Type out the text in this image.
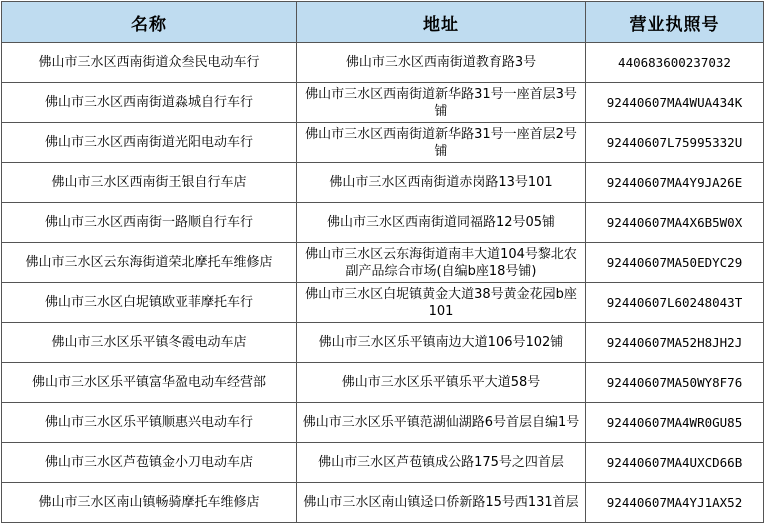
名称	地址	营业执照号
佛山市三水区西南街道众叁民电动车行	佛山市三水区西南街道教育路3号	440683600237032
佛山市三水区西南街道淼城自行车行	佛山市三水区西南街道新华路31号一座首层3号铺	92440607MA4WUA434K
佛山市三水区西南街道光阳电动车行	佛山市三水区西南街道新华路31号一座首层2号铺	92440607L75995332U
佛山市三水区西南街王银自行车店	佛山市三水区西南街道赤岗路13号101	92440607MA4Y9JA26E
佛山市三水区西南街一路顺自行车行	佛山市三水区西南街道同福路12号05铺	92440607MA4X6B5W0X
佛山市三水区云东海街道荣北摩托车维修店	佛山市三水区云东海街道南丰大道104号黎北农副产品综合市场(自编b座18号铺)	92440607MA50EDYC29
佛山市三水区白坭镇欧亚菲摩托车行	佛山市三水区白坭镇黄金大道38号黄金花园b座101	92440607L60248043T
佛山市三水区乐平镇冬霞电动车店	佛山市三水区乐平镇南边大道106号102铺	92440607MA52H8JH2J
佛山市三水区乐平镇富华盈电动车经营部	佛山市三水区乐平镇乐平大道58号	92440607MA50WY8F76
佛山市三水区乐平镇顺惠兴电动车行	佛山市三水区乐平镇范湖仙湖路6号首层自编1号	92440607MA4WR0GU85
佛山市三水区芦苞镇金小刀电动车店	佛山市三水区芦苞镇成公路175号之四首层	92440607MA4UXCD66B
佛山市三水区南山镇畅骑摩托车维修店	佛山市三水区南山镇迳口侨新路15号西131首层	92440607MA4YJ1AX52
